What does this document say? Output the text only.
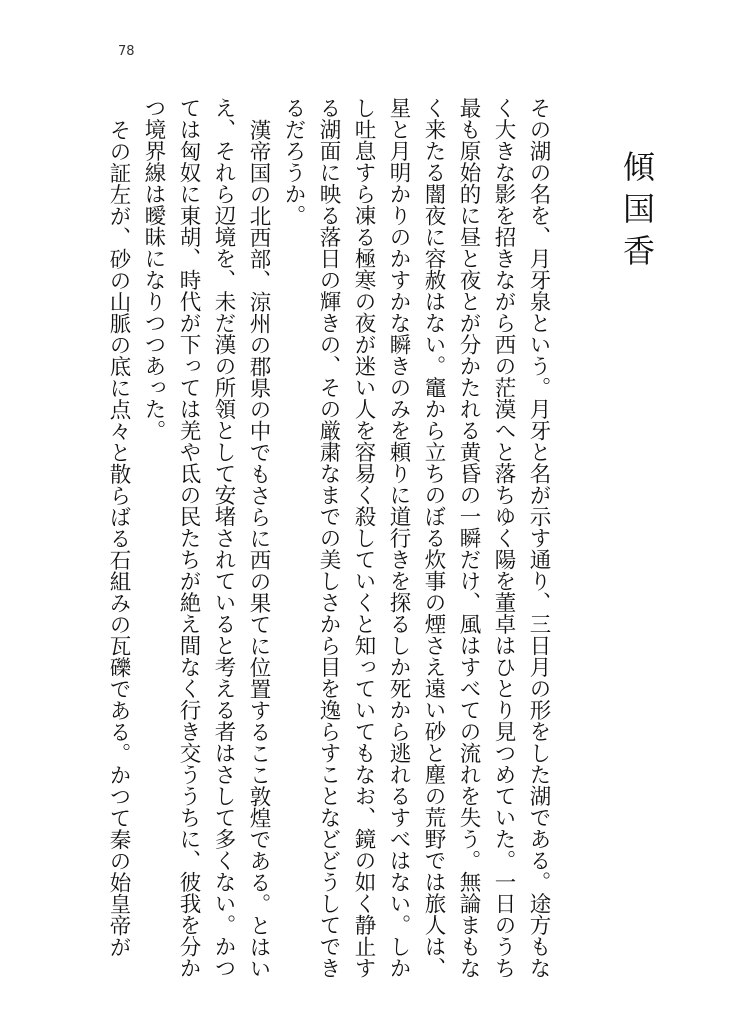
78
傾国香

その湖の名を、月牙泉という。月牙と名が示す通り、三日月の形をした湖である。途方もなく大きな影を招きながら西の茫漠へと落ちゆく陽を董卓はひとり見つめていた。一日のうち最も原始的に昼と夜とが分かたれる黄昏の一瞬だけ、風はすべての流れを失う。無論まもなく来たる闇夜に容赦はない。竈から立ちのぼる炊事の煙さえ遠い砂と塵の荒野では旅人は、星と月明かりのかすかな瞬きのみを頼りに道行きを探るしか死から逃れるすべはない。しかし吐息すら凍る極寒の夜が迷い人を容易く殺していくと知っていてもなお、鏡の如く静止する湖面に映る落日の輝きの、その厳粛なまでの美しさから目を逸らすことなどどうしてできるだろうか。

漢帝国の北西部、涼州の郡県の中でもさらに西の果てに位置するここ敦煌である。とはいえ、それら辺境を、未だ漢の所領として安堵されていると考える者はさして多くない。かつては匈奴に東胡、時代が下っては羌や氐の民たちが絶え間なく行き交ううちに、彼我を分かつ境界線は曖昧になりつつあった。

その証左が、砂の山脈の底に点々と散らばる石組みの瓦礫である。かつて秦の始皇帝が
